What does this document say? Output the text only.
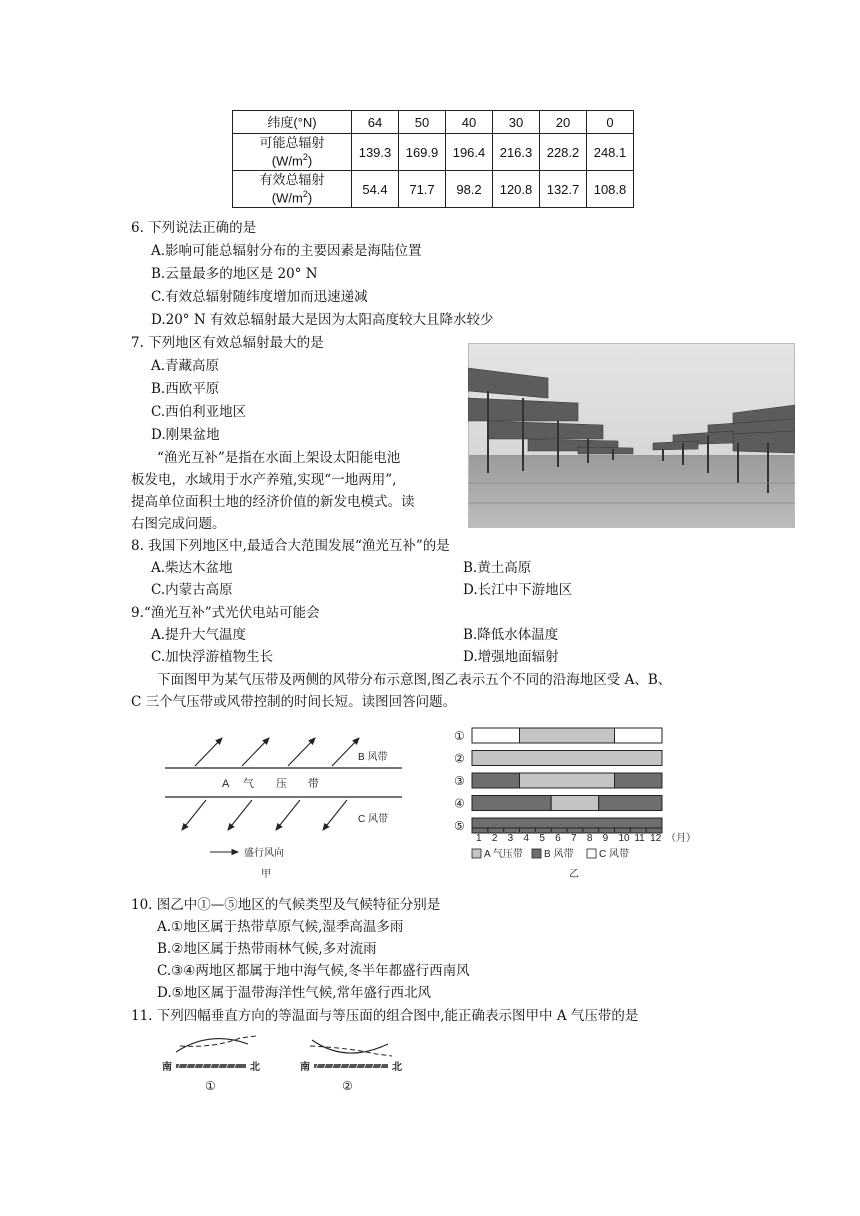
纬度(°N)	64	50	40	30	20	0
可能总辐射
$(W/m^2)$	139.3	169.9	196.4	216.3	228.2	248.1
有效总辐射
$(W/m^2)$	54.4	71.7	98.2	120.8	132.7	108.8
6. 下列说法正确的是
A.影响可能总辐射分布的主要因素是海陆位置
B.云量最多的地区是 20° N
C.有效总辐射随纬度增加而迅速递减
D.20° N 有效总辐射最大是因为太阳高度较大且降水较少
7. 下列地区有效总辐射最大的是
A.青藏高原
B.西欧平原
C.西伯利亚地区
D.刚果盆地
“渔光互补”是指在水面上架设太阳能电池
板发电，水域用于水产养殖,实现“一地两用”,
提高单位面积土地的经济价值的新发电模式。读
右图完成问题。
8. 我国下列地区中,最适合大范围发展“渔光互补”的是
A.柴达木盆地	B.黄土高原
C.内蒙古高原	D.长江中下游地区
9.“渔光互补”式光伏电站可能会
A.提升大气温度	B.降低水体温度
C.加快浮游植物生长	D.增强地面辐射
下面图甲为某气压带及两侧的风带分布示意图,图乙表示五个不同的沿海地区受 A、B、
C 三个气压带或风带控制的时间长短。读图回答问题。
B 风带
A 气 压 带
C 风带
盛行风向
甲
①
②
③
④
⑤
1 2 3 4 5 6 7 8 9 10 11 12 （月）
A 气压带 B 风带	C 风带
乙
10. 图乙中①—⑤地区的气候类型及气候特征分别是
A.①地区属于热带草原气候,湿季高温多雨
B.②地区属于热带雨林气候,多对流雨
C.③④两地区都属于地中海气候,冬半年都盛行西南风
D.⑤地区属于温带海洋性气候,常年盛行西北风
11. 下列四幅垂直方向的等温面与等压面的组合图中,能正确表示图甲中 A 气压带的是
南	北
①
南	北
②
